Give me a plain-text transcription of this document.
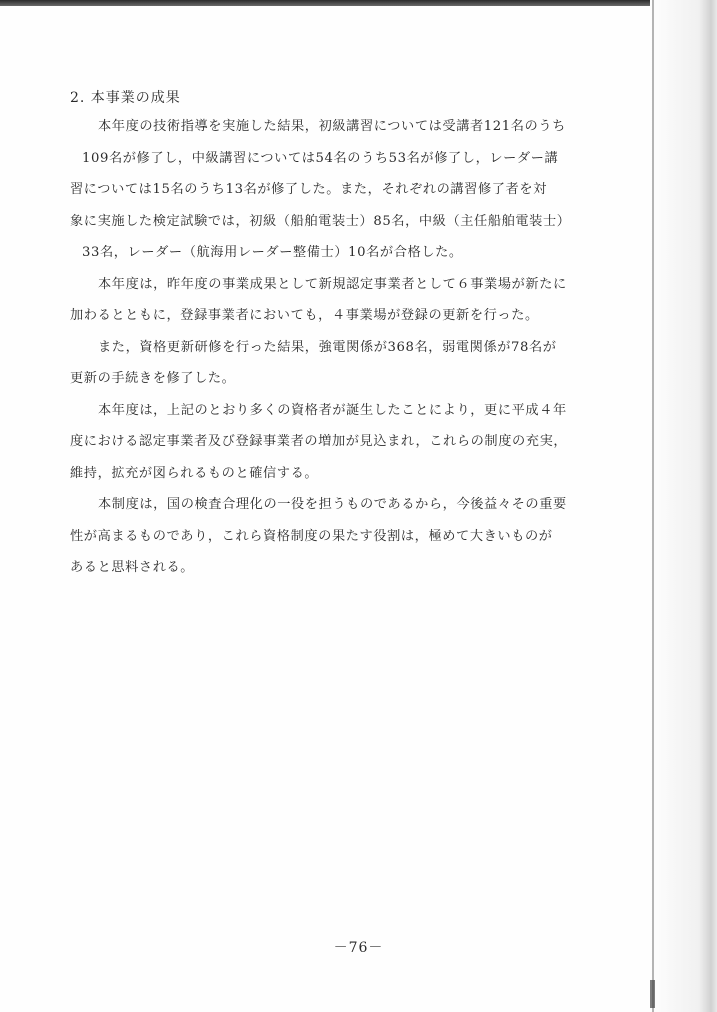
2. 本事業の成果
本年度の技術指導を実施した結果，初級講習については受講者121名のうち
109名が修了し，中級講習については54名のうち53名が修了し，レーダー講
習については15名のうち13名が修了した。また，それぞれの講習修了者を対
象に実施した検定試験では，初級（船舶電装士）85名，中級（主任船舶電装士）
33名，レーダー（航海用レーダー整備士）10名が合格した。
本年度は，昨年度の事業成果として新規認定事業者として６事業場が新たに
加わるとともに，登録事業者においても，４事業場が登録の更新を行った。
また，資格更新研修を行った結果，強電関係が368名，弱電関係が78名が
更新の手続きを修了した。
本年度は，上記のとおり多くの資格者が誕生したことにより，更に平成４年
度における認定事業者及び登録事業者の増加が見込まれ，これらの制度の充実，
維持，拡充が図られるものと確信する。
本制度は，国の検査合理化の一役を担うものであるから，今後益々その重要
性が高まるものであり，これら資格制度の果たす役割は，極めて大きいものが
あると思料される。
－76－
